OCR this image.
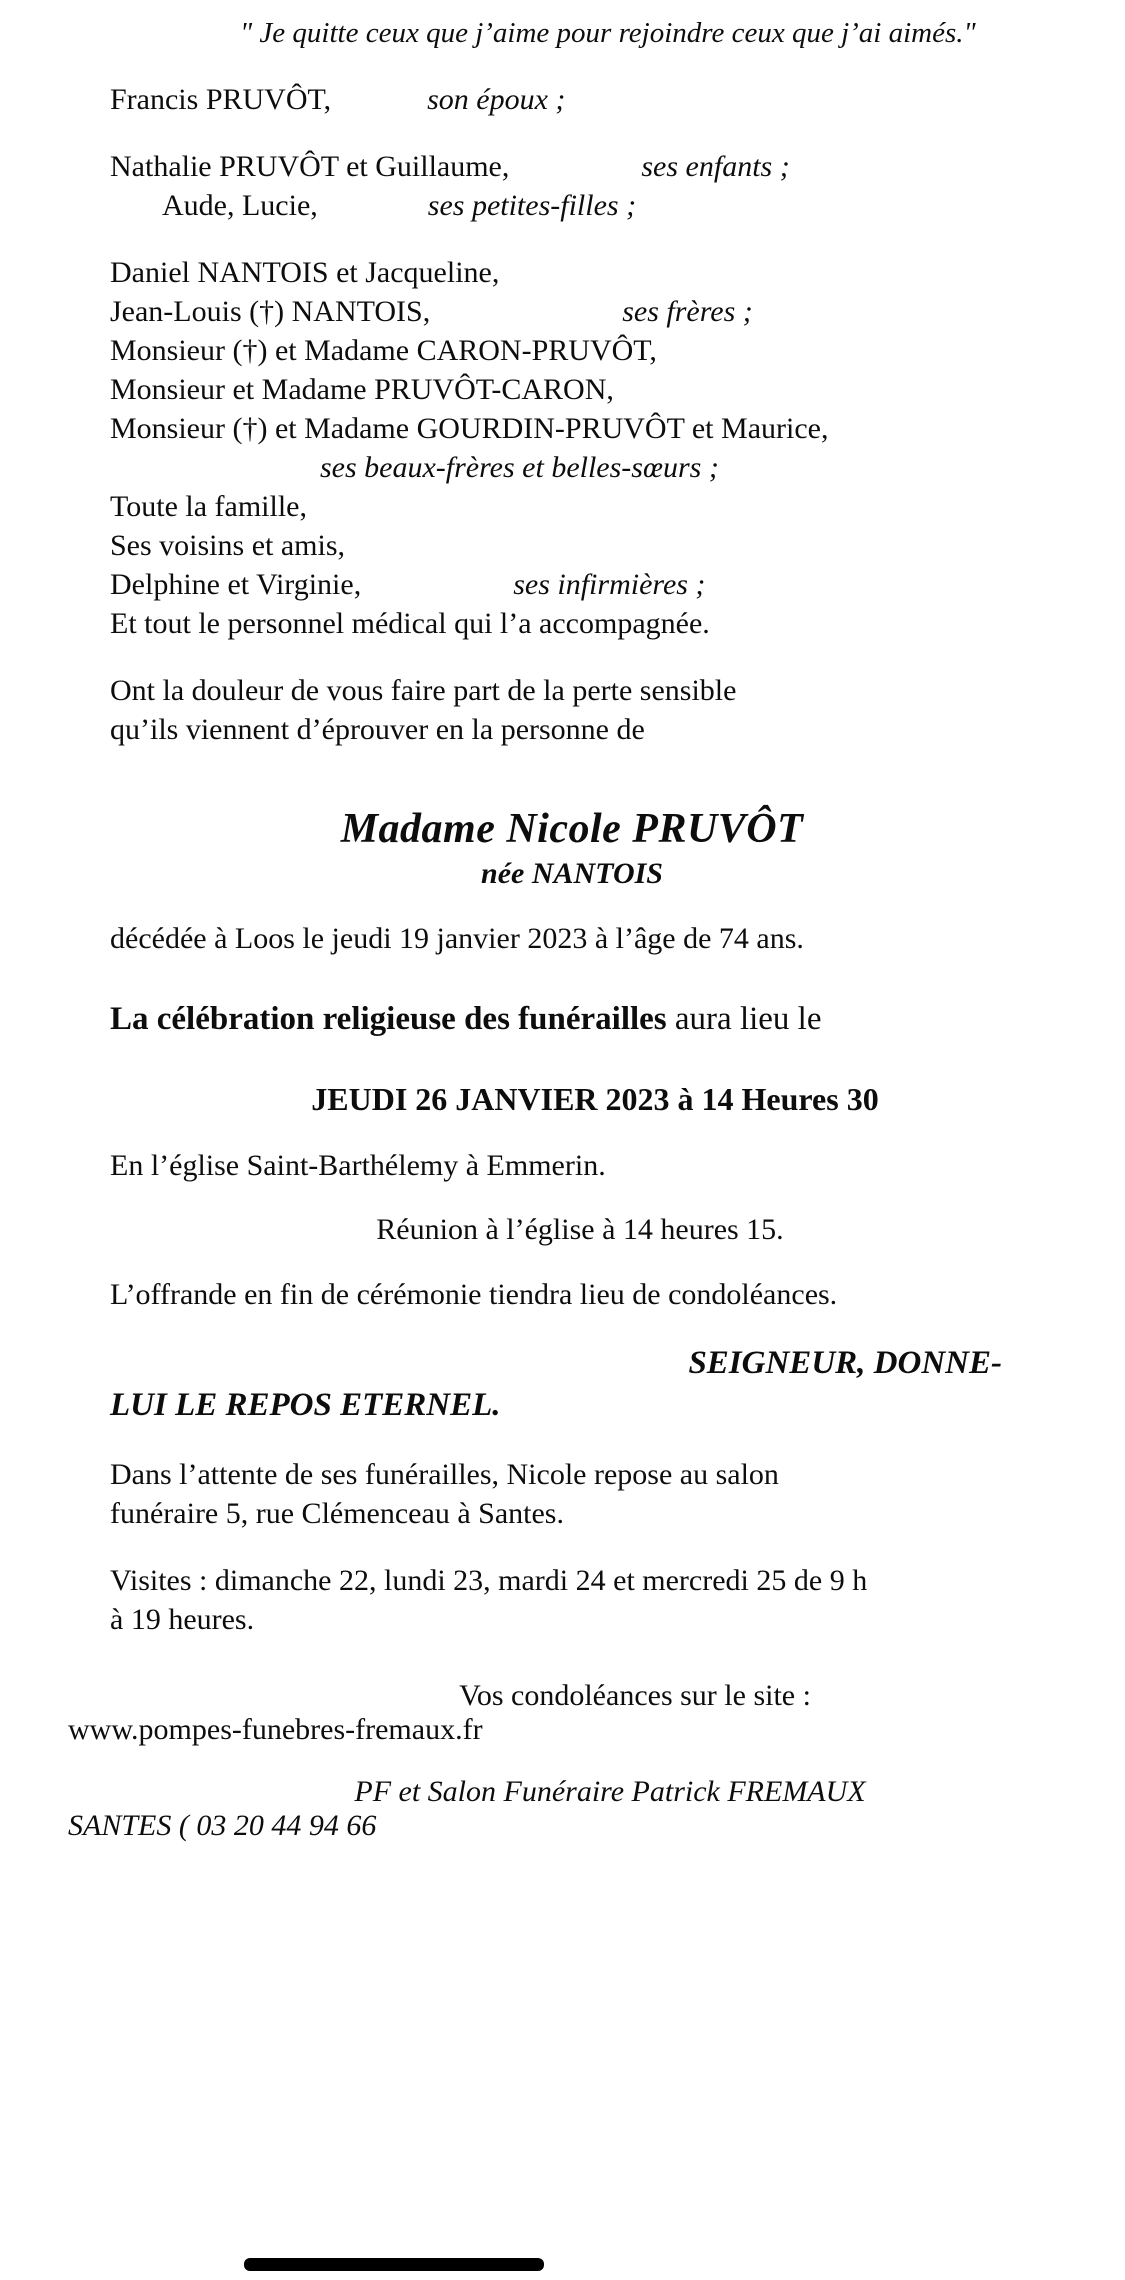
" Je quitte ceux que j’aime pour rejoindre ceux que j’ai aimés."
Francis PRUVÔT,	son époux ;
Nathalie PRUVÔT et Guillaume,	ses enfants ;
Aude, Lucie,	ses petites-filles ;
Daniel NANTOIS et Jacqueline,
Jean-Louis (†) NANTOIS,	ses frères ;
Monsieur (†) et Madame CARON-PRUVÔT,
Monsieur et Madame PRUVÔT-CARON,
Monsieur (†) et Madame GOURDIN-PRUVÔT et Maurice,
ses beaux-frères et belles-sœurs ;
Toute la famille,
Ses voisins et amis,
Delphine et Virginie,	ses infirmières ;
Et tout le personnel médical qui l’a accompagnée.
Ont la douleur de vous faire part de la perte sensible qu’ils viennent d’éprouver en la personne de
Madame Nicole PRUVÔT
née NANTOIS
décédée à Loos le jeudi 19 janvier 2023 à l’âge de 74 ans.
La célébration religieuse des funérailles aura lieu le
JEUDI 26 JANVIER 2023 à 14 Heures 30
En l’église Saint-Barthélemy à Emmerin.
Réunion à l’église à 14 heures 15.
L’offrande en fin de cérémonie tiendra lieu de condoléances.
SEIGNEUR, DONNE-
LUI LE REPOS ETERNEL.
Dans l’attente de ses funérailles, Nicole repose au salon funéraire 5, rue Clémenceau à Santes.
Visites : dimanche 22, lundi 23, mardi 24 et mercredi 25 de 9 h à 19 heures.
Vos condoléances sur le site :
www.pompes-funebres-fremaux.fr
PF et Salon Funéraire Patrick FREMAUX
SANTES ( 03 20 44 94 66
